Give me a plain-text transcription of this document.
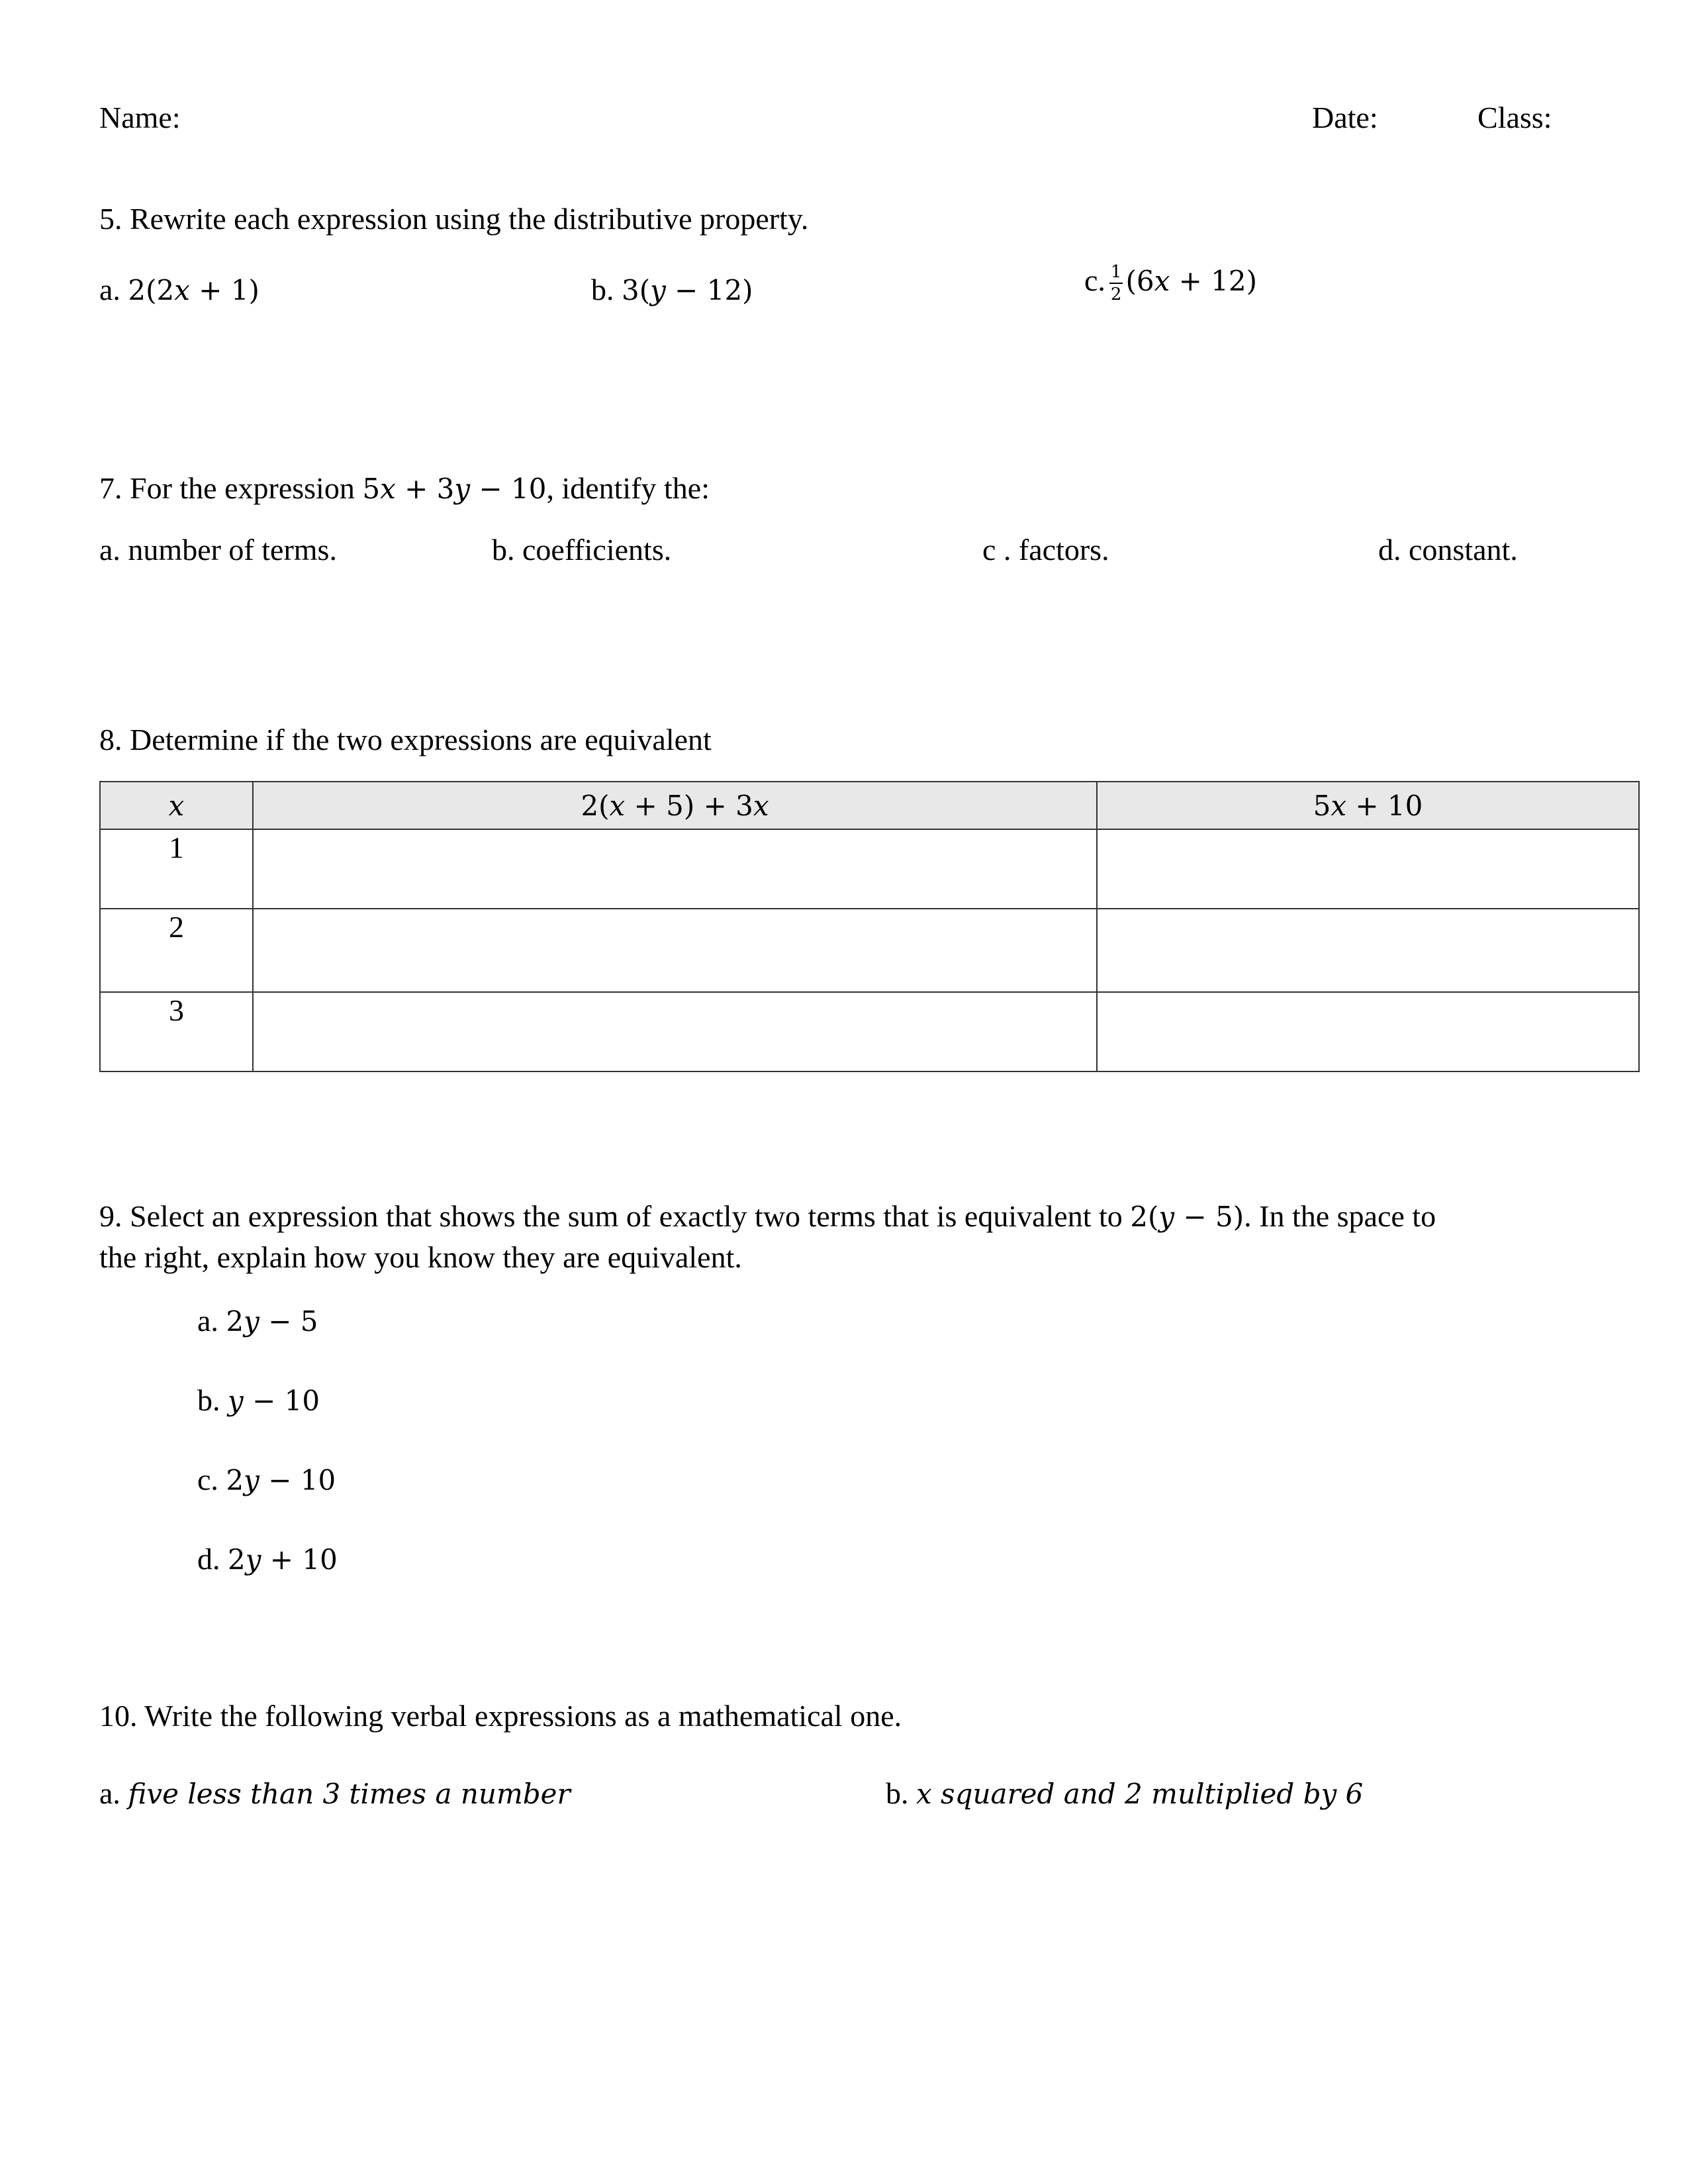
Name:	Date:	Class:
5. Rewrite each expression using the distributive property.
a. 2(2𝑥 + 1)	b. 3(𝑦 − 12)	c. $\frac{1}{2}$ (6𝑥 + 12)
7. For the expression 5𝑥 + 3𝑦 − 10, identify the:
a. number of terms.	b. coefficients.	c . factors.	d. constant.
8. Determine if the two expressions are equivalent
𝑥	2(𝑥 + 5) + 3𝑥	5𝑥 + 10
1		
2		
3		
9. Select an expression that shows the sum of exactly two terms that is equivalent to 2(𝑦 − 5). In the space to
the right, explain how you know they are equivalent.
a. 2𝑦 − 5
b. 𝑦 − 10
c. 2𝑦 − 10
d. 2𝑦 + 10
10. Write the following verbal expressions as a mathematical one.
a. five less than 3 times a number	b. x squared and 2 multiplied by 6
